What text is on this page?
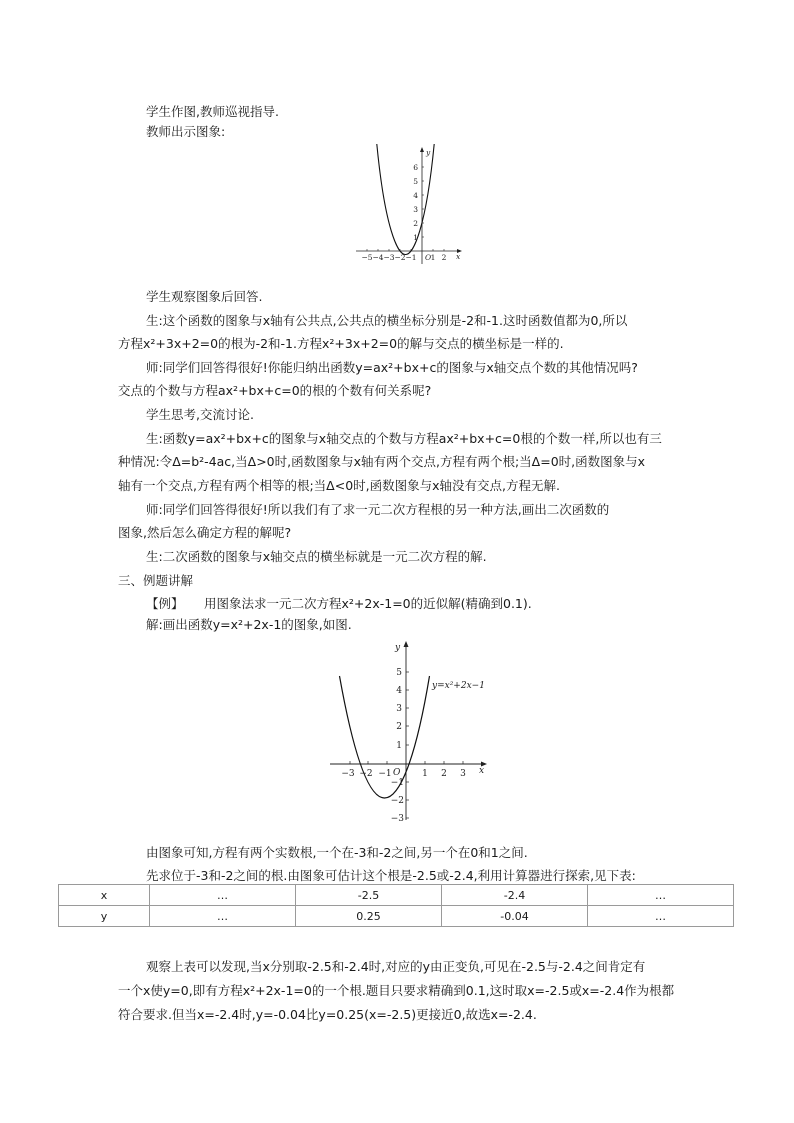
学生作图,教师巡视指导.
教师出示图象:
−5 −4 −3 −2 −1 1 2
O	x
y
1
2
3
4
5
6
学生观察图象后回答.
生:这个函数的图象与x轴有公共点,公共点的横坐标分别是-2和-1.这时函数值都为0,所以
方程x²+3x+2=0的根为-2和-1.方程x²+3x+2=0的解与交点的横坐标是一样的.
师:同学们回答得很好!你能归纳出函数y=ax²+bx+c的图象与x轴交点个数的其他情况吗?
交点的个数与方程ax²+bx+c=0的根的个数有何关系呢?
学生思考,交流讨论.
生:函数y=ax²+bx+c的图象与x轴交点的个数与方程ax²+bx+c=0根的个数一样,所以也有三
种情况:令Δ=b²-4ac,当Δ>0时,函数图象与x轴有两个交点,方程有两个根;当Δ=0时,函数图象与x
轴有一个交点,方程有两个相等的根;当Δ<0时,函数图象与x轴没有交点,方程无解.
师:同学们回答得很好!所以我们有了求一元二次方程根的另一种方法,画出二次函数的
图象,然后怎么确定方程的解呢?
生:二次函数的图象与x轴交点的横坐标就是一元二次方程的解.
三、例题讲解
【例】 用图象法求一元二次方程x²+2x-1=0的近似解(精确到0.1).
解:画出函数y=x²+2x-1的图象,如图.
−3 −2 −1	1 2 3
O	x
y
1
2
3
4
5
−1
−2
−3
y=x²+2x−1
由图象可知,方程有两个实数根,一个在-3和-2之间,另一个在0和1之间.
先求位于-3和-2之间的根.由图象可估计这个根是-2.5或-2.4,利用计算器进行探索,见下表:
x	…	-2.5	-2.4	…
y	…	0.25	-0.04	…
观察上表可以发现,当x分别取-2.5和-2.4时,对应的y由正变负,可见在-2.5与-2.4之间肯定有
一个x使y=0,即有方程x²+2x-1=0的一个根.题目只要求精确到0.1,这时取x=-2.5或x=-2.4作为根都
符合要求.但当x=-2.4时,y=-0.04比y=0.25(x=-2.5)更接近0,故选x=-2.4.
